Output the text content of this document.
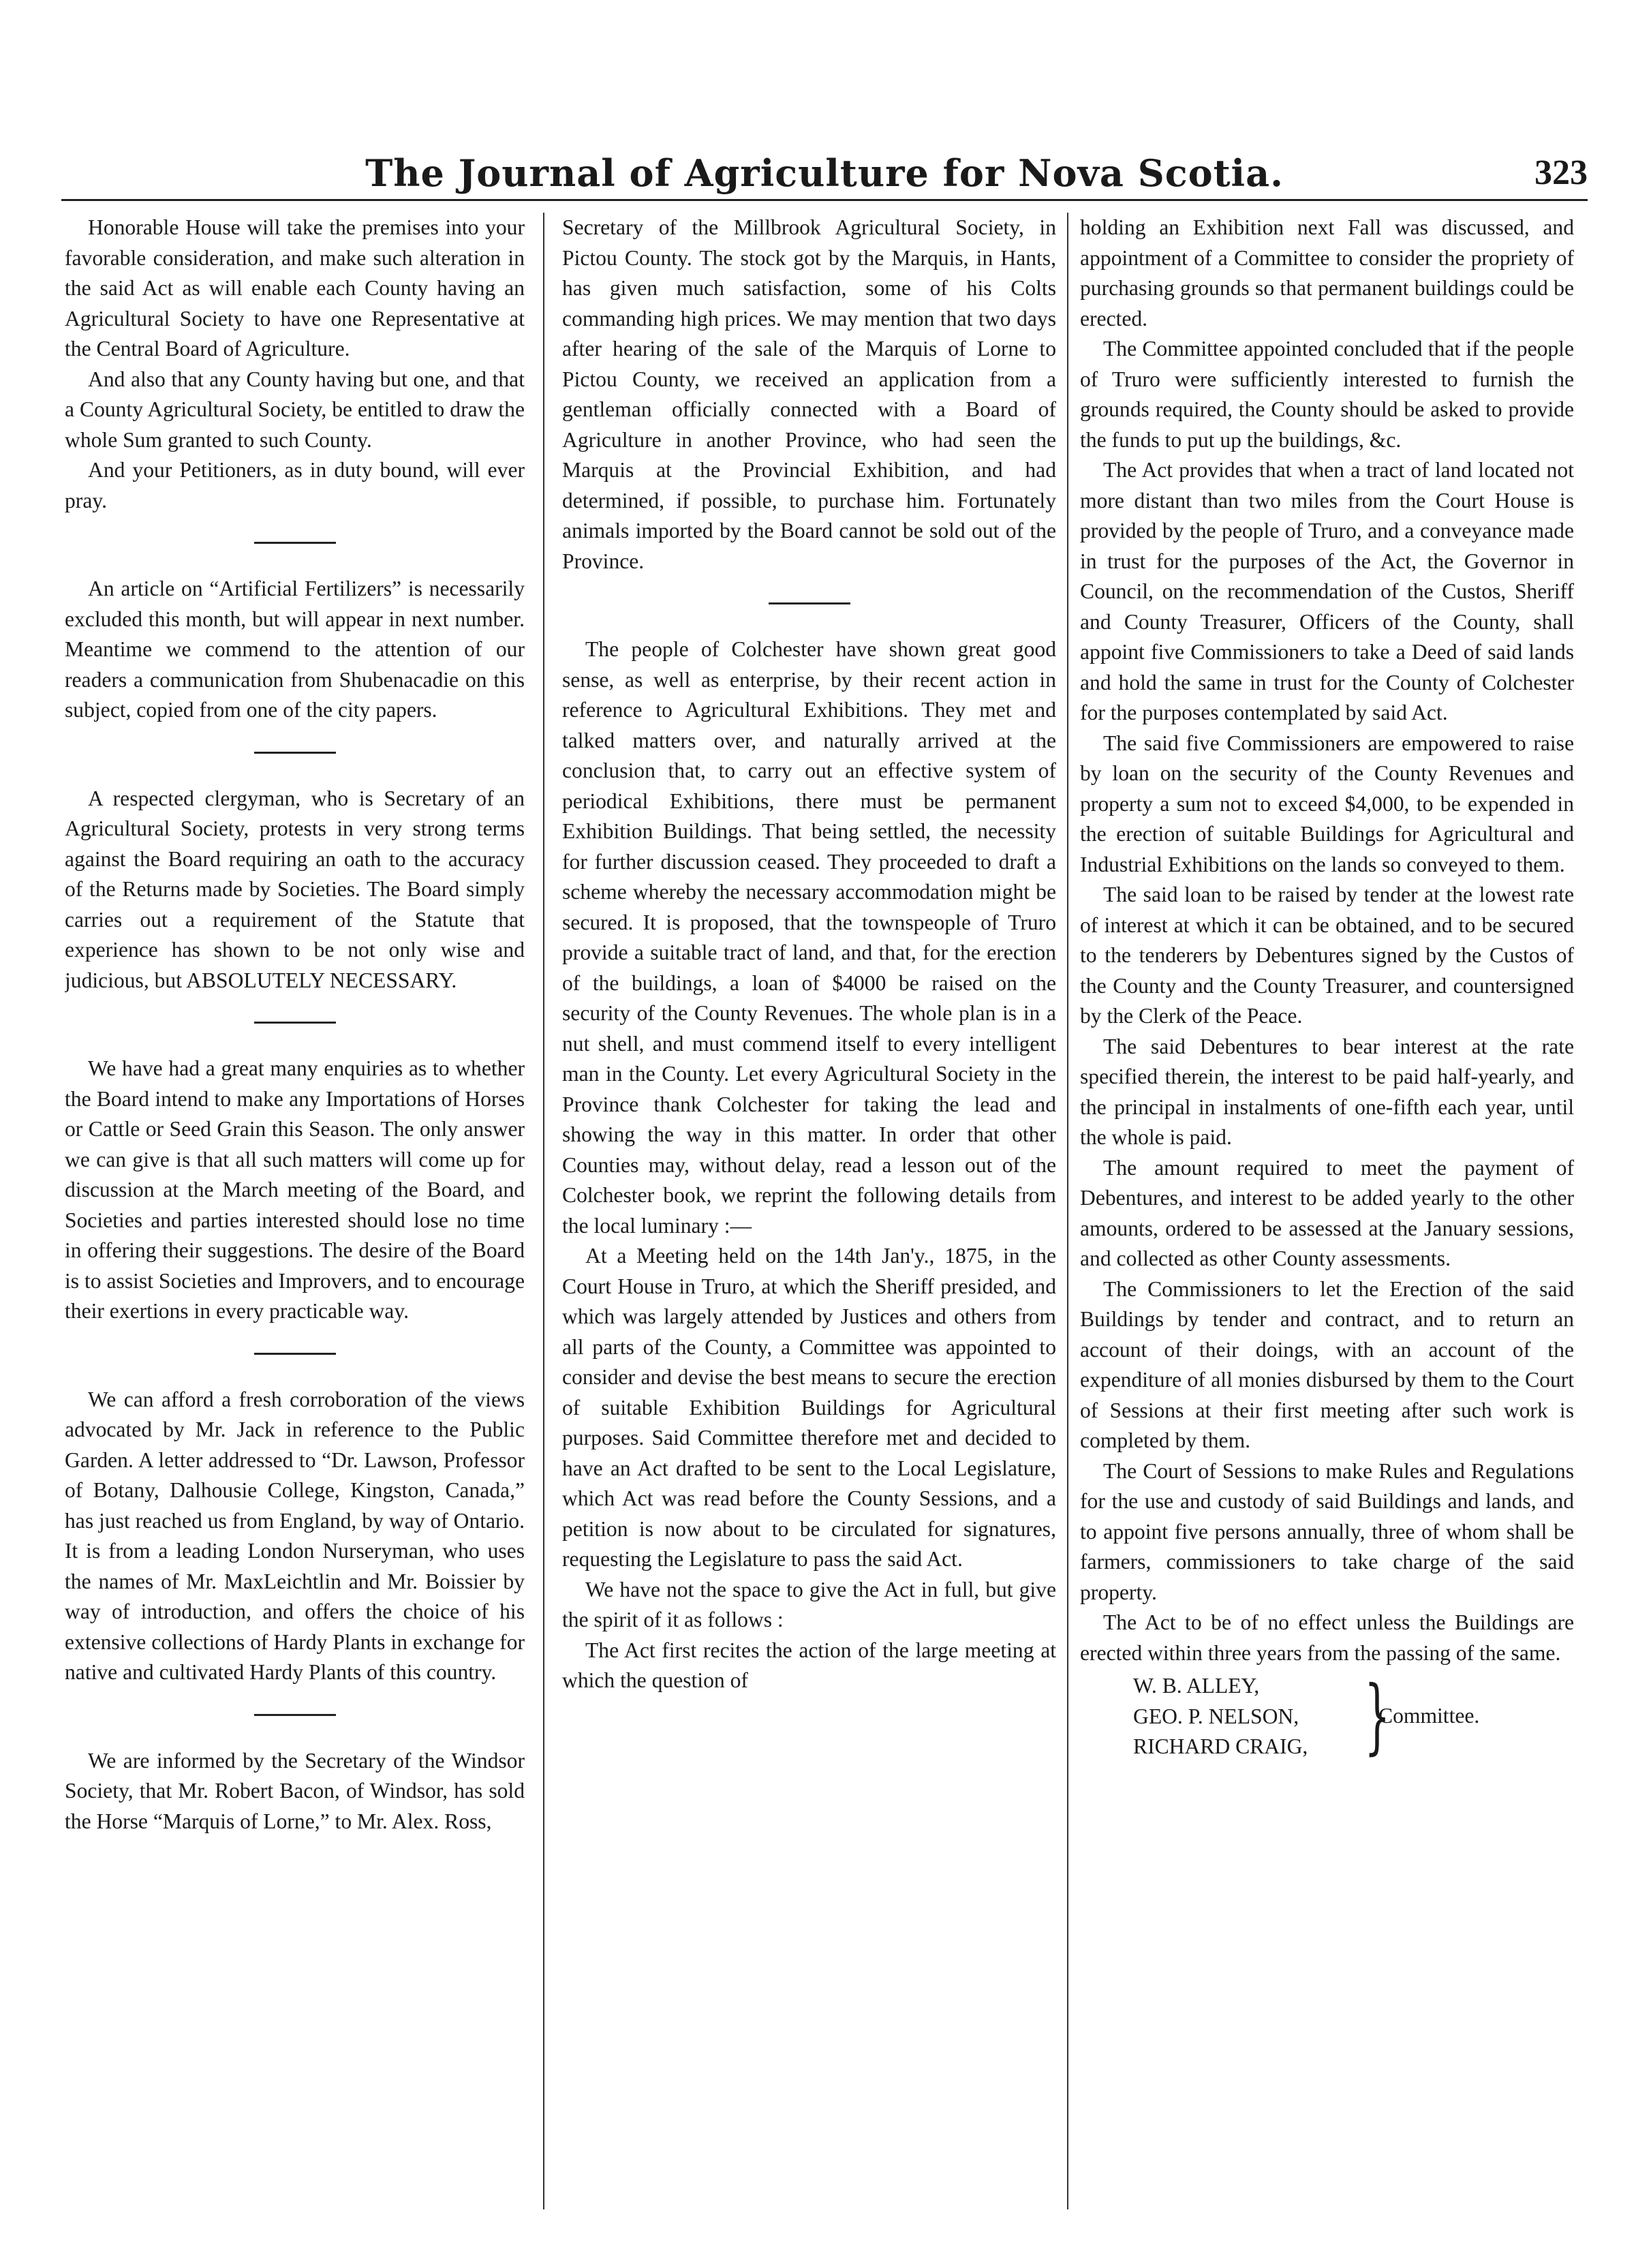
The Journal of Agriculture for Nova Scotia.	323

Honorable House will take the premises into your favorable consideration, and make such alteration in the said Act as will enable each County having an Agricultural Society to have one Representative at the Central Board of Agriculture.

And also that any County having but one, and that a County Agricultural Society, be entitled to draw the whole Sum granted to such County.

And your Petitioners, as in duty bound, will ever pray.

An article on “Artificial Fertilizers” is necessarily excluded this month, but will appear in next number. Meantime we commend to the attention of our readers a communication from Shubenacadie on this subject, copied from one of the city papers.

A respected clergyman, who is Secretary of an Agricultural Society, protests in very strong terms against the Board requiring an oath to the accuracy of the Returns made by Societies. The Board simply carries out a requirement of the Statute that experience has shown to be not only wise and judicious, but ABSOLUTELY NECESSARY.

We have had a great many enquiries as to whether the Board intend to make any Importations of Horses or Cattle or Seed Grain this Season. The only answer we can give is that all such matters will come up for discussion at the March meeting of the Board, and Societies and parties interested should lose no time in offering their suggestions. The desire of the Board is to assist Societies and Improvers, and to encourage their exertions in every practicable way.

We can afford a fresh corroboration of the views advocated by Mr. Jack in reference to the Public Garden. A letter addressed to “Dr. Lawson, Professor of Botany, Dalhousie College, Kingston, Canada,” has just reached us from England, by way of Ontario. It is from a leading London Nurseryman, who uses the names of Mr. MaxLeichtlin and Mr. Boissier by way of introduction, and offers the choice of his extensive collections of Hardy Plants in exchange for native and cultivated Hardy Plants of this country.

We are informed by the Secretary of the Windsor Society, that Mr. Robert Bacon, of Windsor, has sold the Horse “Marquis of Lorne,” to Mr. Alex. Ross,

Secretary of the Millbrook Agricultural Society, in Pictou County. The stock got by the Marquis, in Hants, has given much satisfaction, some of his Colts commanding high prices. We may mention that two days after hearing of the sale of the Marquis of Lorne to Pictou County, we received an application from a gentleman officially connected with a Board of Agriculture in another Province, who had seen the Marquis at the Provincial Exhibition, and had determined, if possible, to purchase him. Fortunately animals imported by the Board cannot be sold out of the Province.

The people of Colchester have shown great good sense, as well as enterprise, by their recent action in reference to Agricultural Exhibitions. They met and talked matters over, and naturally arrived at the conclusion that, to carry out an effective system of periodical Exhibitions, there must be permanent Exhibition Buildings. That being settled, the necessity for further discussion ceased. They proceeded to draft a scheme whereby the necessary accommodation might be secured. It is proposed, that the townspeople of Truro provide a suitable tract of land, and that, for the erection of the buildings, a loan of $4000 be raised on the security of the County Revenues. The whole plan is in a nut shell, and must commend itself to every intelligent man in the County. Let every Agricultural Society in the Province thank Colchester for taking the lead and showing the way in this matter. In order that other Counties may, without delay, read a lesson out of the Colchester book, we reprint the following details from the local luminary :—

At a Meeting held on the 14th Jan'y., 1875, in the Court House in Truro, at which the Sheriff presided, and which was largely attended by Justices and others from all parts of the County, a Committee was appointed to consider and devise the best means to secure the erection of suitable Exhibition Buildings for Agricultural purposes. Said Committee therefore met and decided to have an Act drafted to be sent to the Local Legislature, which Act was read before the County Sessions, and a petition is now about to be circulated for signatures, requesting the Legislature to pass the said Act.

We have not the space to give the Act in full, but give the spirit of it as follows :

The Act first recites the action of the large meeting at which the question of

holding an Exhibition next Fall was discussed, and appointment of a Committee to consider the propriety of purchasing grounds so that permanent buildings could be erected.

The Committee appointed concluded that if the people of Truro were sufficiently interested to furnish the grounds required, the County should be asked to provide the funds to put up the buildings, &c.

The Act provides that when a tract of land located not more distant than two miles from the Court House is provided by the people of Truro, and a conveyance made in trust for the purposes of the Act, the Governor in Council, on the recommendation of the Custos, Sheriff and County Treasurer, Officers of the County, shall appoint five Commissioners to take a Deed of said lands and hold the same in trust for the County of Colchester for the purposes contemplated by said Act.

The said five Commissioners are empowered to raise by loan on the security of the County Revenues and property a sum not to exceed $4,000, to be expended in the erection of suitable Buildings for Agricultural and Industrial Exhibitions on the lands so conveyed to them.

The said loan to be raised by tender at the lowest rate of interest at which it can be obtained, and to be secured to the tenderers by Debentures signed by the Custos of the County and the County Treasurer, and countersigned by the Clerk of the Peace.

The said Debentures to bear interest at the rate specified therein, the interest to be paid half-yearly, and the principal in instalments of one-fifth each year, until the whole is paid.

The amount required to meet the payment of Debentures, and interest to be added yearly to the other amounts, ordered to be assessed at the January sessions, and collected as other County assessments.

The Commissioners to let the Erection of the said Buildings by tender and contract, and to return an account of their doings, with an account of the expenditure of all monies disbursed by them to the Court of Sessions at their first meeting after such work is completed by them.

The Court of Sessions to make Rules and Regulations for the use and custody of said Buildings and lands, and to appoint five persons annually, three of whom shall be farmers, commissioners to take charge of the said property.

The Act to be of no effect unless the Buildings are erected within three years from the passing of the same.

W. B. ALLEY,
GEO. P. NELSON,
RICHARD CRAIG, }
Committee.
